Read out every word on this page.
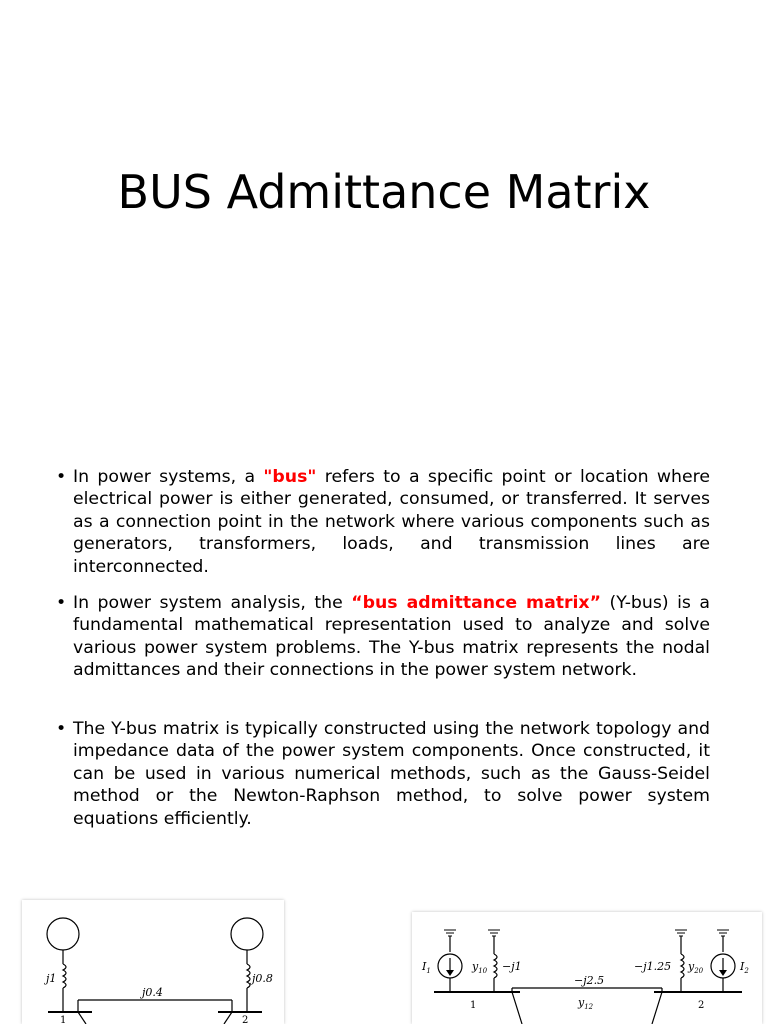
BUS Admittance Matrix

• In power systems, a "bus" refers to a specific point or location where electrical power is either generated, consumed, or transferred. It serves as a connection point in the network where various components such as generators, transformers, loads, and transmission lines are interconnected.

• In power system analysis, the “bus admittance matrix” (Y-bus) is a fundamental mathematical representation used to analyze and solve various power system problems. The Y-bus matrix represents the nodal admittances and their connections in the power system network.

• The Y-bus matrix is typically constructed using the network topology and impedance data of the power system components. Once constructed, it can be used in various numerical methods, such as the Gauss-Seidel method or the Newton-Raphson method, to solve power system equations efficiently.

j1	j0.8
j0.4
1	2
$I_1$	$y_{10} -j1$	−j1.25 $y_{20}$	$I_2$
1	2
−j2.5
$y_{12}$
